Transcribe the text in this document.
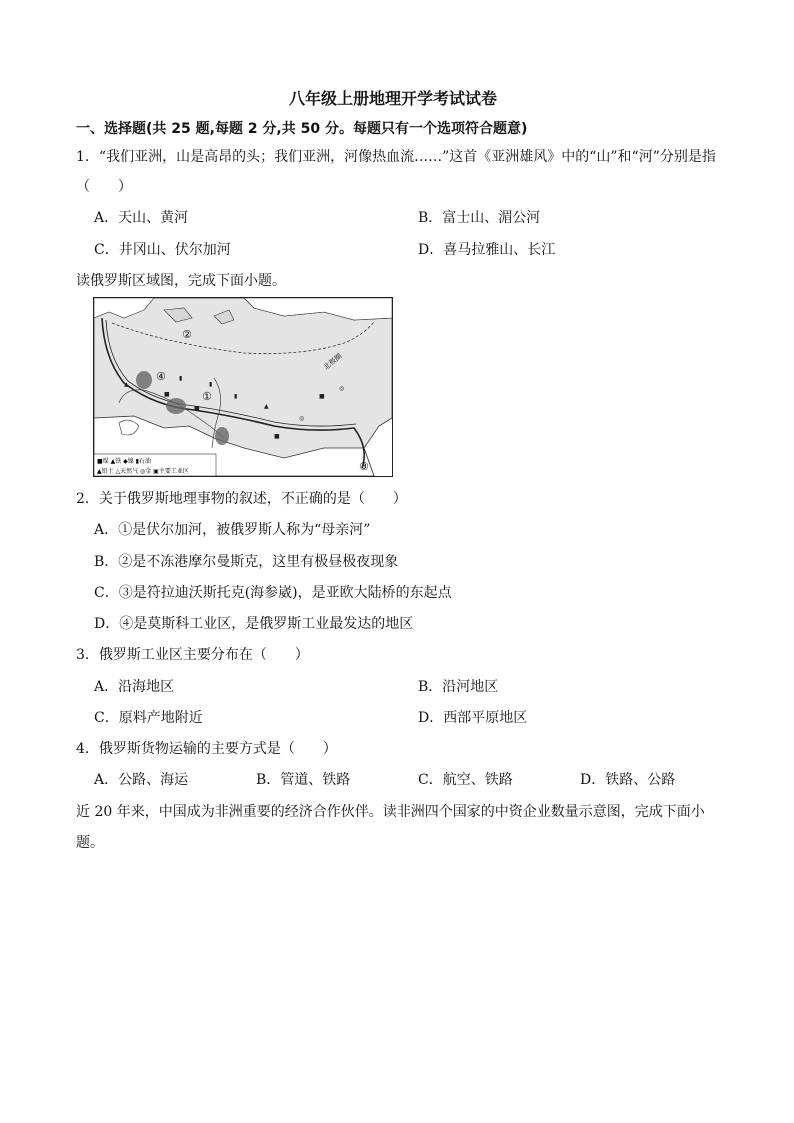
八年级上册地理开学考试试卷
一、选择题(共 25 题,每题 2 分,共 50 分。每题只有一个选项符合题意)
1．“我们亚洲，山是高昂的头；我们亚洲，河像热血流……”这首《亚洲雄风》中的“山”和“河”分别是指
（　　）
A．天山、黄河	B．富士山、湄公河
C．井冈山、伏尔加河	D．喜马拉雅山、长江
读俄罗斯区域图，完成下面小题。
▲
▮
■	▲
◎
■
◎
▮
■	▮
■
②
①
③
④
北极圈
■煤 ▲铁 ◆镍 ▮石油
▲铅土 △天然气 ◎金 ▣主要工业区
2．关于俄罗斯地理事物的叙述，不正确的是（　　）
A．①是伏尔加河，被俄罗斯人称为“母亲河”
B．②是不冻港摩尔曼斯克，这里有极昼极夜现象
C．③是符拉迪沃斯托克(海参崴)，是亚欧大陆桥的东起点
D．④是莫斯科工业区，是俄罗斯工业最发达的地区
3．俄罗斯工业区主要分布在（　　）
A．沿海地区	B．沿河地区
C．原料产地附近	D．西部平原地区
4．俄罗斯货物运输的主要方式是（　　）
A．公路、海运	B．管道、铁路	C．航空、铁路	D．铁路、公路
近 20 年来，中国成为非洲重要的经济合作伙伴。读非洲四个国家的中资企业数量示意图，完成下面小
题。
